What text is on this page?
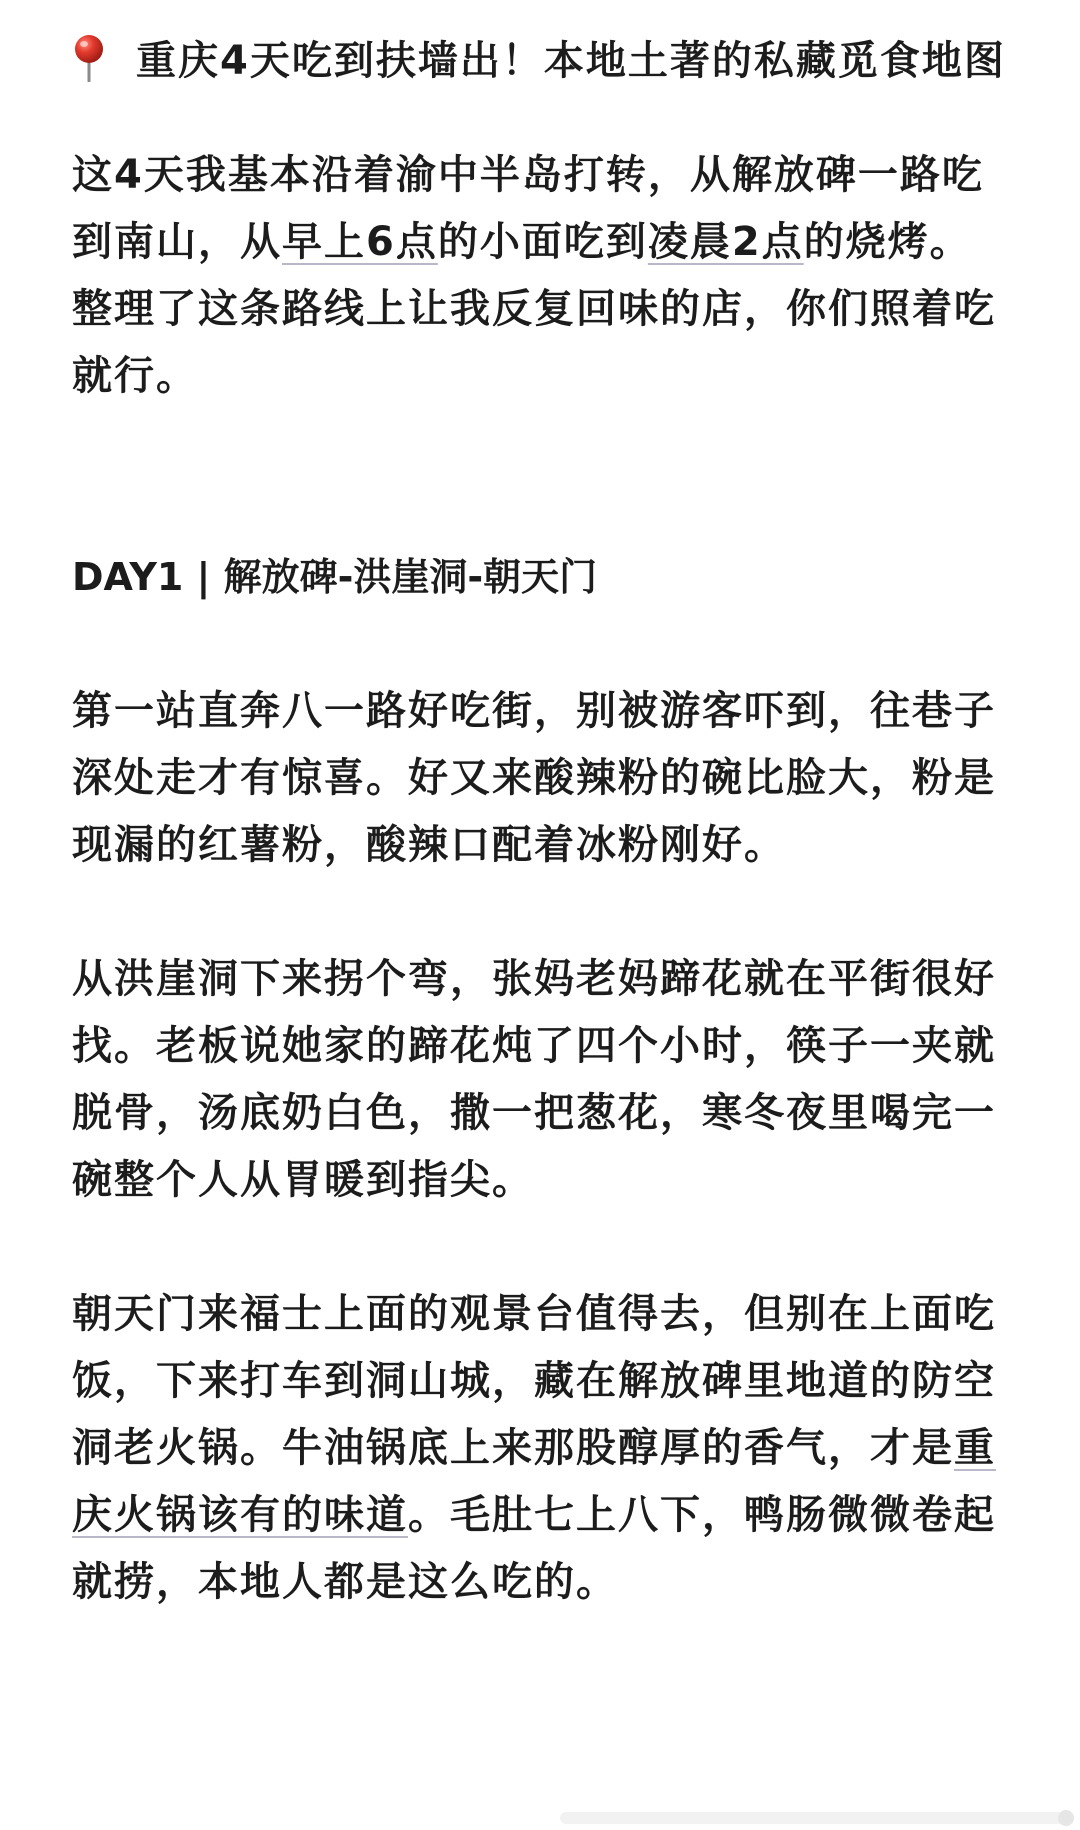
重庆4天吃到扶墙出！本地土著的私藏觅食地图

这4天我基本沿着渝中半岛打转，从解放碑一路吃到南山，从早上6点的小面吃到凌晨2点的烧烤。整理了这条路线上让我反复回味的店，你们照着吃就行。

DAY1 | 解放碑-洪崖洞-朝天门

第一站直奔八一路好吃街，别被游客吓到，往巷子深处走才有惊喜。好又来酸辣粉的碗比脸大，粉是现漏的红薯粉，酸辣口配着冰粉刚好。

从洪崖洞下来拐个弯，张妈老妈蹄花就在平街很好找。老板说她家的蹄花炖了四个小时，筷子一夹就脱骨，汤底奶白色，撒一把葱花，寒冬夜里喝完一碗整个人从胃暖到指尖。

朝天门来福士上面的观景台值得去，但别在上面吃饭，下来打车到洞山城，藏在解放碑里地道的防空洞老火锅。牛油锅底上来那股醇厚的香气，才是重庆火锅该有的味道。毛肚七上八下，鸭肠微微卷起就捞，本地人都是这么吃的。
